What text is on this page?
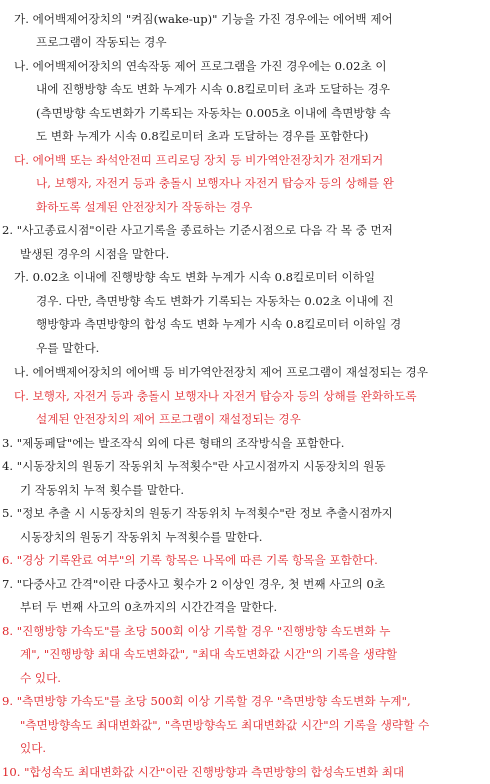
가. 에어백제어장치의 "켜짐(wake-up)" 기능을 가진 경우에는 에어백 제어
프로그램이 작동되는 경우
나. 에어백제어장치의 연속작동 제어 프로그램을 가진 경우에는 0.02초 이
내에 진행방향 속도 변화 누계가 시속 0.8킬로미터 초과 도달하는 경우
(측면방향 속도변화가 기록되는 자동차는 0.005초 이내에 측면방향 속
도 변화 누계가 시속 0.8킬로미터 초과 도달하는 경우를 포함한다)
다. 에어백 또는 좌석안전띠 프리로딩 장치 등 비가역안전장치가 전개되거
나, 보행자, 자전거 등과 충돌시 보행자나 자전거 탑승자 등의 상해를 완
화하도록 설계된 안전장치가 작동하는 경우
2. "사고종료시점"이란 사고기록을 종료하는 기준시점으로 다음 각 목 중 먼저
발생된 경우의 시점을 말한다.
가. 0.02초 이내에 진행방향 속도 변화 누계가 시속 0.8킬로미터 이하일
경우. 다만, 측면방향 속도 변화가 기록되는 자동차는 0.02초 이내에 진
행방향과 측면방향의 합성 속도 변화 누계가 시속 0.8킬로미터 이하일 경
우를 말한다.
나. 에어백제어장치의 에어백 등 비가역안전장치 제어 프로그램이 재설정되는 경우
다. 보행자, 자전거 등과 충돌시 보행자나 자전거 탑승자 등의 상해를 완화하도록
설계된 안전장치의 제어 프로그램이 재설정되는 경우
3. "제동페달"에는 발조작식 외에 다른 형태의 조작방식을 포함한다.
4. "시동장치의 원동기 작동위치 누적횟수"란 사고시점까지 시동장치의 원동
기 작동위치 누적 횟수를 말한다.
5. "정보 추출 시 시동장치의 원동기 작동위치 누적횟수"란 정보 추출시점까지
시동장치의 원동기 작동위치 누적횟수를 말한다.
6. "경상 기록완료 여부"의 기록 항목은 나목에 따른 기록 항목을 포함한다.
7. "다중사고 간격"이란 다중사고 횟수가 2 이상인 경우, 첫 번째 사고의 0초
부터 두 번째 사고의 0초까지의 시간간격을 말한다.
8. "진행방향 가속도"를 초당 500회 이상 기록할 경우 "진행방향 속도변화 누
계", "진행방향 최대 속도변화값", "최대 속도변화값 시간"의 기록을 생략할
수 있다.
9. "측면방향 가속도"를 초당 500회 이상 기록할 경우 "측면방향 속도변화 누계",
"측면방향속도 최대변화값", "측면방향속도 최대변화값 시간"의 기록을 생략할 수
있다.
10. "합성속도 최대변화값 시간"이란 진행방향과 측면방향의 합성속도변화 최대
